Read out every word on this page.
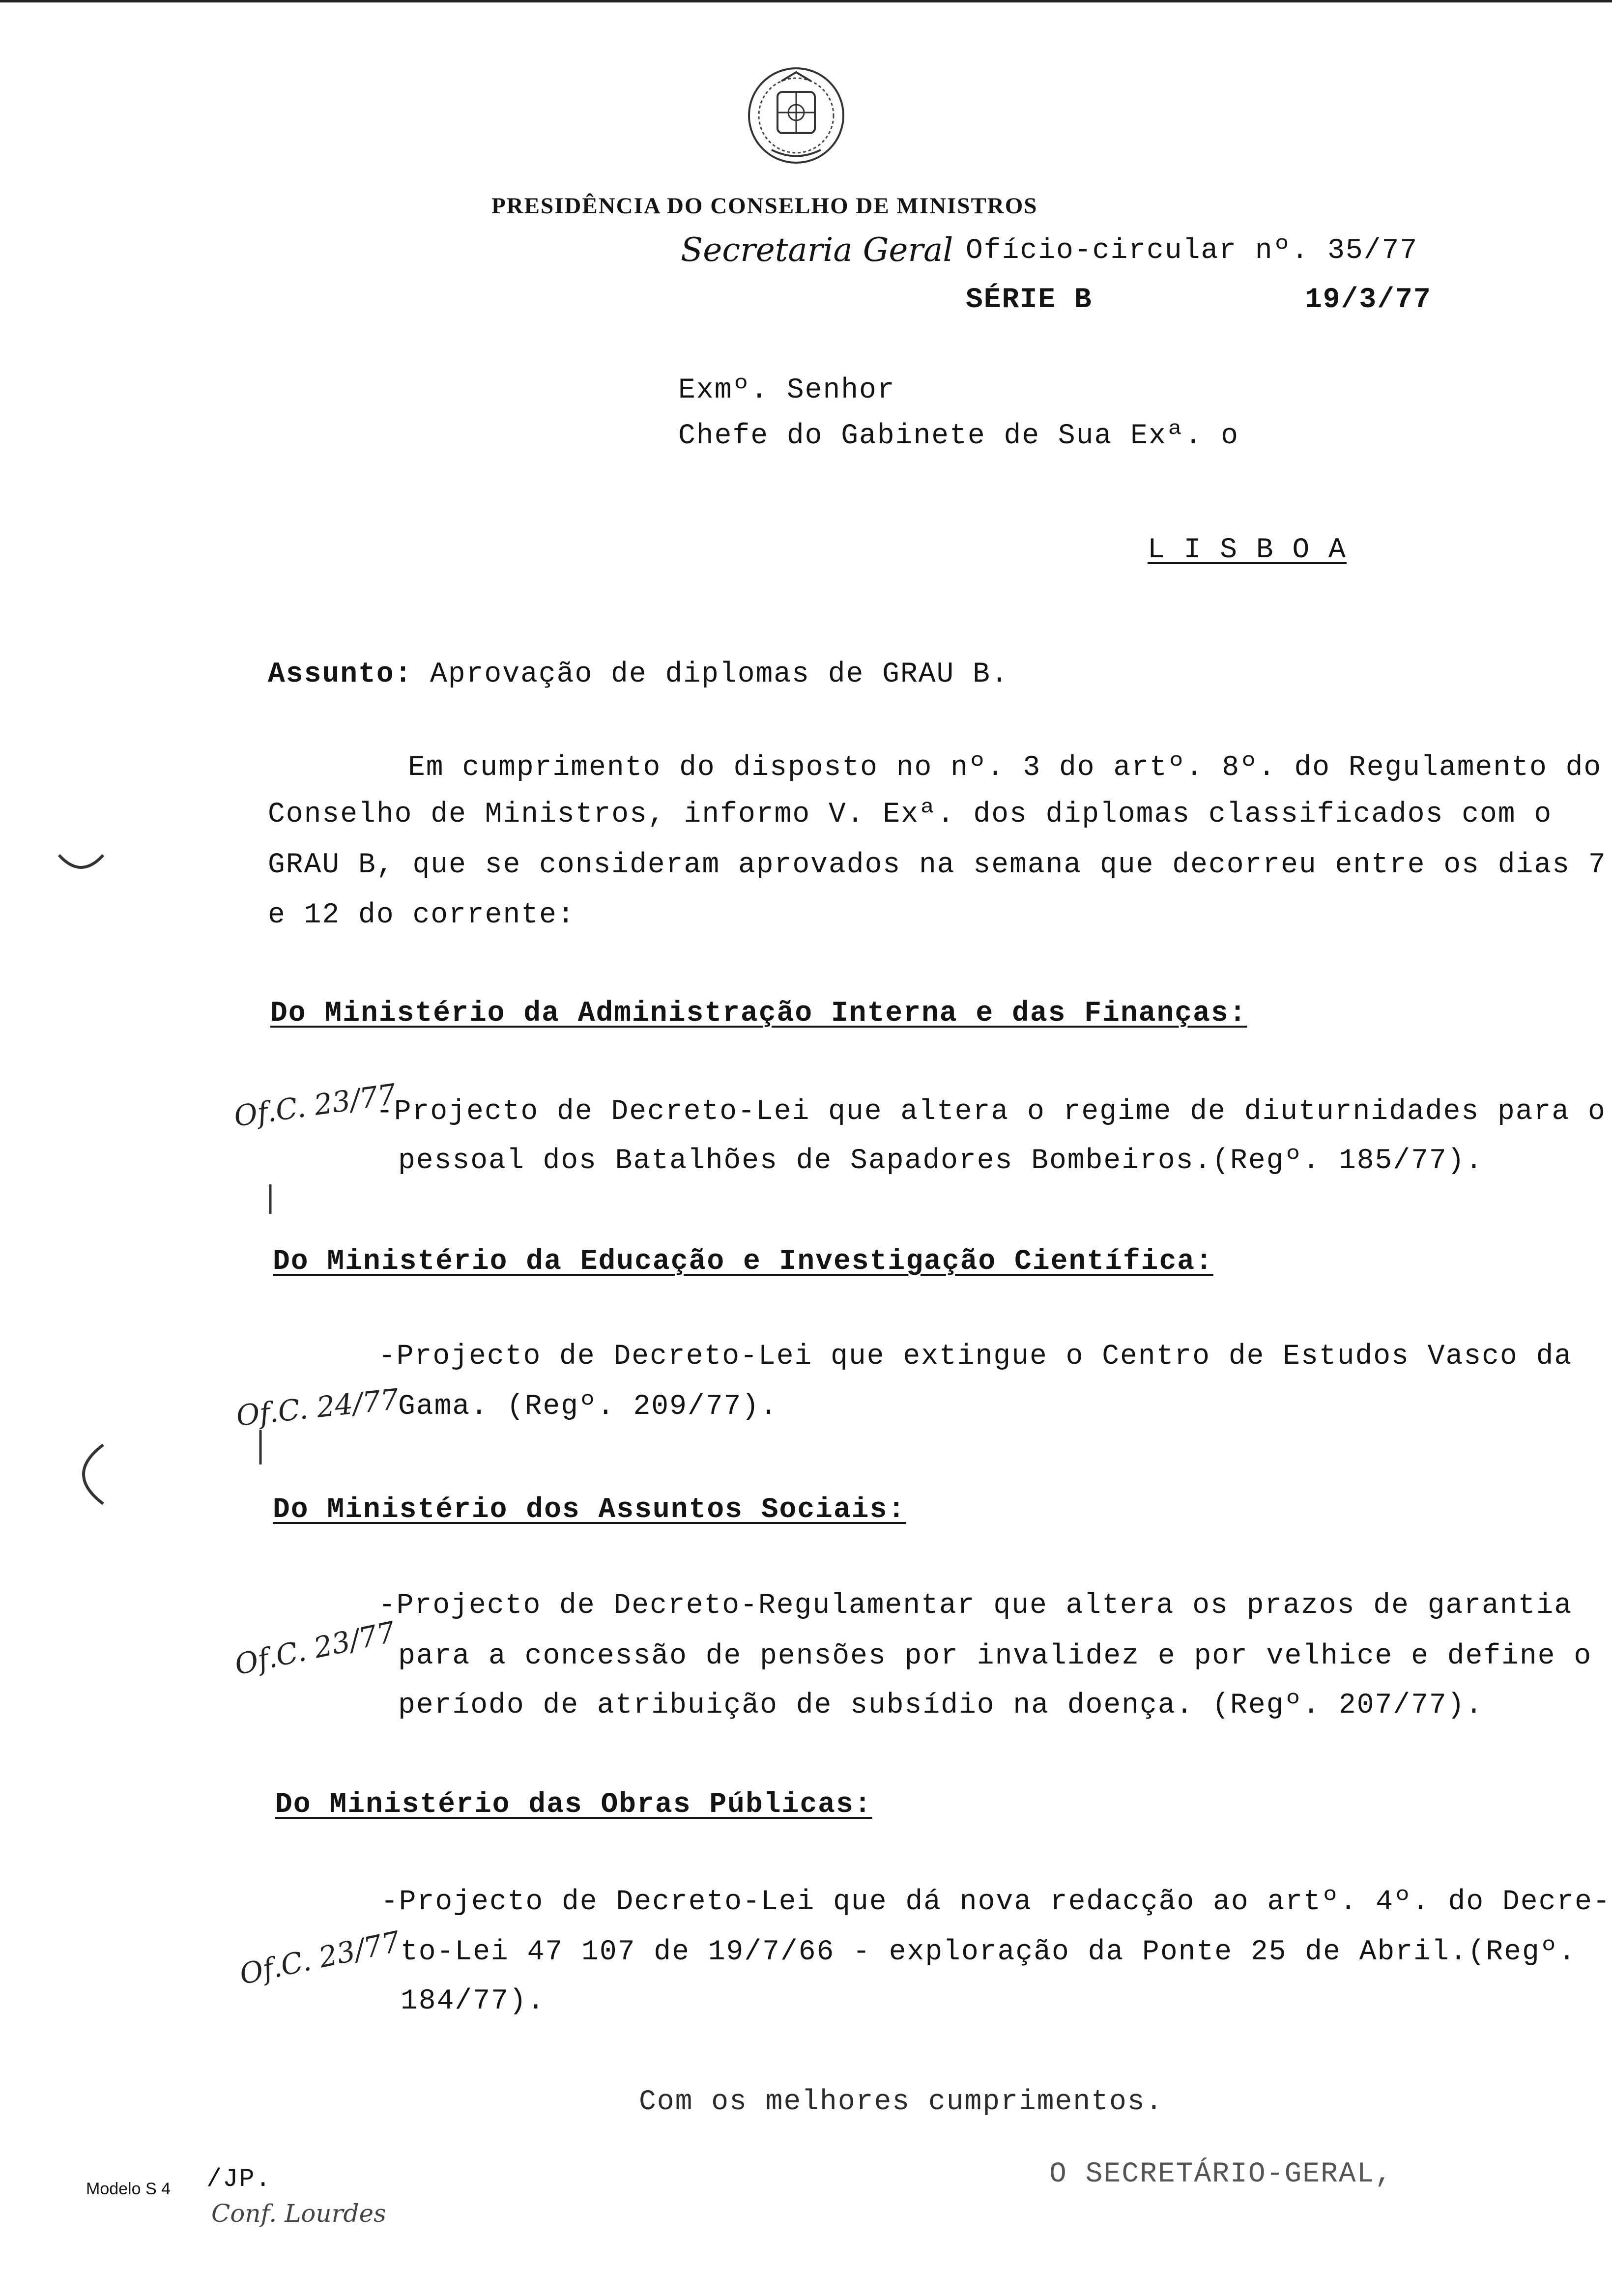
PRESIDÊNCIA DO CONSELHO DE MINISTROS
Secretaria Geral Ofício-circular nº. 35/77
SÉRIE B	19/3/77
Exmº. Senhor
Chefe do Gabinete de Sua Exª. o
L I S B O A
Assunto: Aprovação de diplomas de GRAU B.
Em cumprimento do disposto no nº. 3 do artº. 8º. do Regulamento do
Conselho de Ministros, informo V. Exª. dos diplomas classificados com o
GRAU B, que se consideram aprovados na semana que decorreu entre os dias 7
e 12 do corrente:
Do Ministério da Administração Interna e das Finanças:
Of.C. 23/77
-Projecto de Decreto-Lei que altera o regime de diuturnidades para o
pessoal dos Batalhões de Sapadores Bombeiros.(Regº. 185/77).
Do Ministério da Educação e Investigação Científica:
-Projecto de Decreto-Lei que extingue o Centro de Estudos Vasco da
Of.C. 24/77
Gama. (Regº. 209/77).
Do Ministério dos Assuntos Sociais:
-Projecto de Decreto-Regulamentar que altera os prazos de garantia
Of.C. 23/77 para a concessão de pensões por invalidez e por velhice e define o
período de atribuição de subsídio na doença. (Regº. 207/77).
Do Ministério das Obras Públicas:
-Projecto de Decreto-Lei que dá nova redacção ao artº. 4º. do Decre-
Of.C. 23/77
to-Lei 47 107 de 19/7/66 - exploração da Ponte 25 de Abril.(Regº.
184/77).
Com os melhores cumprimentos.
O SECRETÁRIO-GERAL,
Modelo S 4 /JP.
Conf. Lourdes
